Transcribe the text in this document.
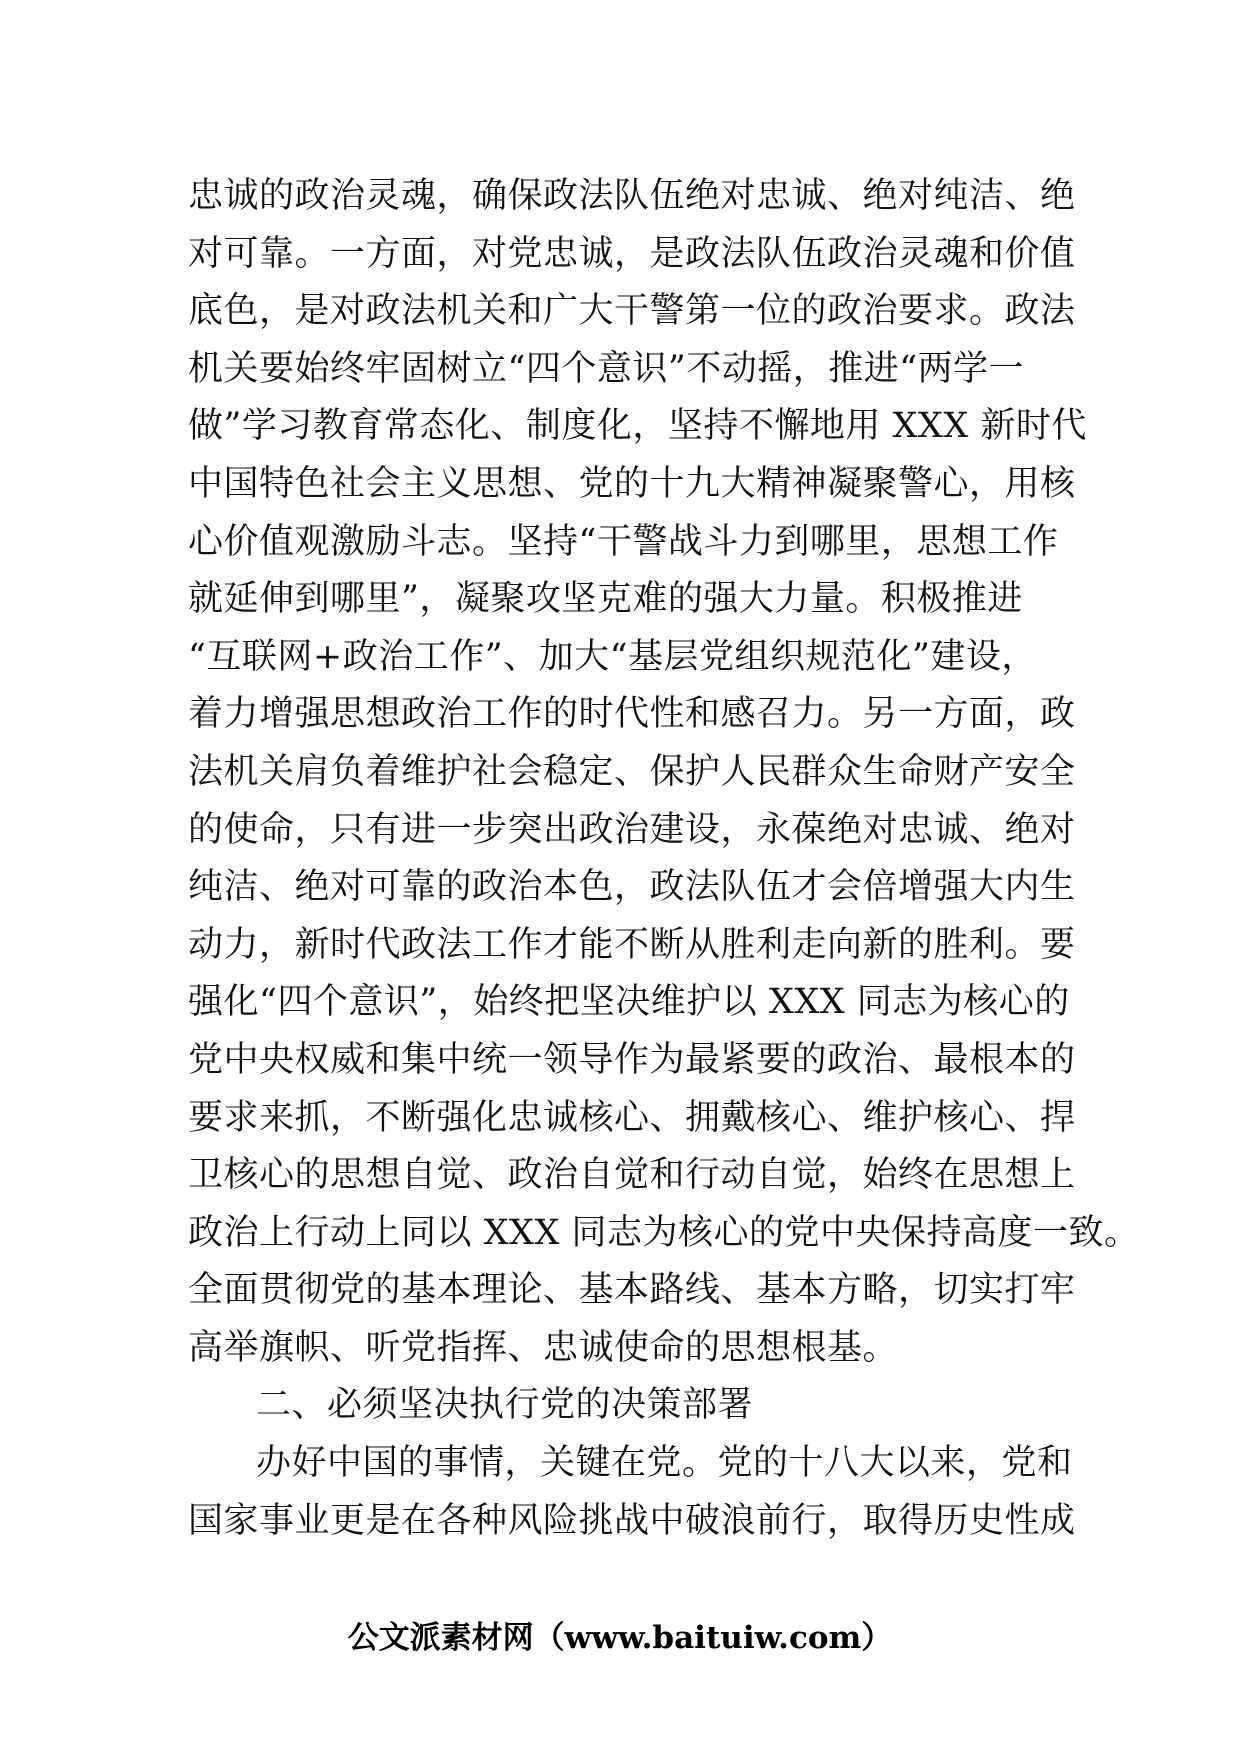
忠诚的政治灵魂，确保政法队伍绝对忠诚、绝对纯洁、绝
对可靠。一方面，对党忠诚，是政法队伍政治灵魂和价值
底色，是对政法机关和广大干警第一位的政治要求。政法
机关要始终牢固树立“四个意识”不动摇，推进“两学一
做”学习教育常态化、制度化，坚持不懈地用 XXX 新时代
中国特色社会主义思想、党的十九大精神凝聚警心，用核
心价值观激励斗志。坚持“干警战斗力到哪里，思想工作
就延伸到哪里”，凝聚攻坚克难的强大力量。积极推进
“互联网+政治工作”、加大“基层党组织规范化”建设，
着力增强思想政治工作的时代性和感召力。另一方面，政
法机关肩负着维护社会稳定、保护人民群众生命财产安全
的使命，只有进一步突出政治建设，永葆绝对忠诚、绝对
纯洁、绝对可靠的政治本色，政法队伍才会倍增强大内生
动力，新时代政法工作才能不断从胜利走向新的胜利。要
强化“四个意识”，始终把坚决维护以 XXX 同志为核心的
党中央权威和集中统一领导作为最紧要的政治、最根本的
要求来抓，不断强化忠诚核心、拥戴核心、维护核心、捍
卫核心的思想自觉、政治自觉和行动自觉，始终在思想上
政治上行动上同以 XXX 同志为核心的党中央保持高度一致。
全面贯彻党的基本理论、基本路线、基本方略，切实打牢
高举旗帜、听党指挥、忠诚使命的思想根基。
二、必须坚决执行党的决策部署
办好中国的事情，关键在党。党的十八大以来，党和
国家事业更是在各种风险挑战中破浪前行，取得历史性成
公文派素材网（www.baituiw.com）
